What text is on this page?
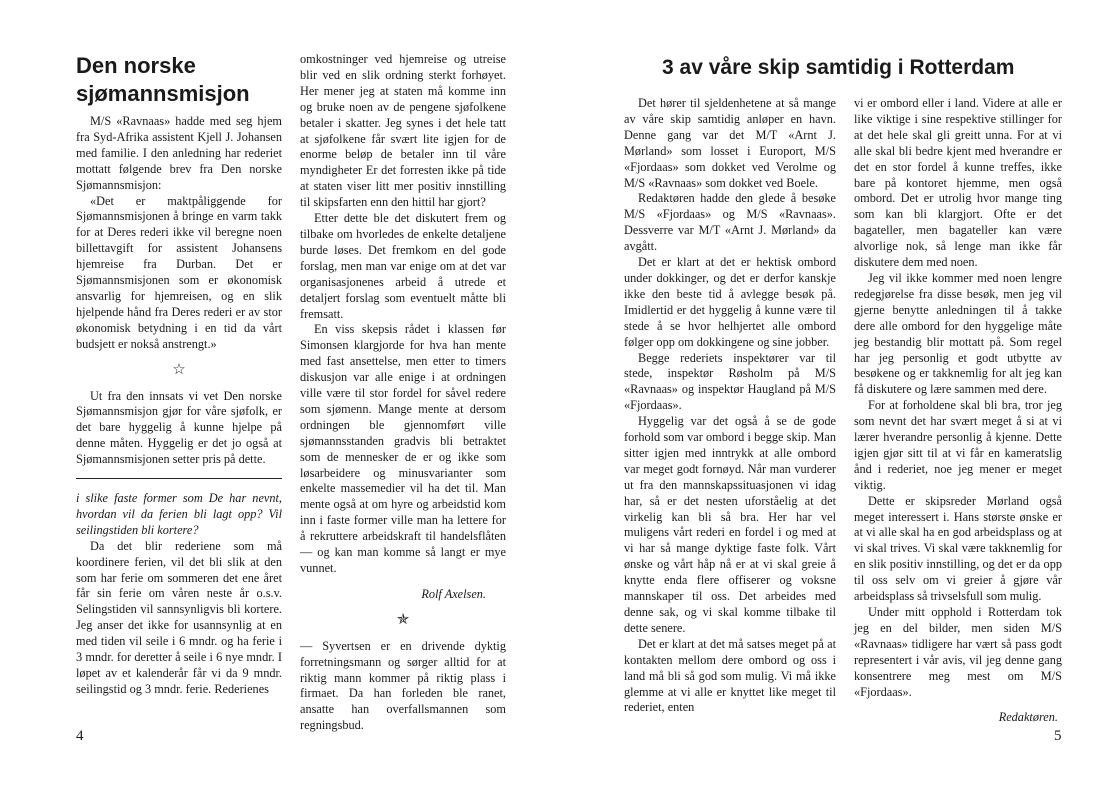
Den norske sjømannsmisjon

M/S «Ravnaas» hadde med seg hjem fra Syd-Afrika assistent Kjell J. Johansen med familie. I den anledning har rederiet mottatt følgende brev fra Den norske Sjømannsmisjon:

«Det er maktpåliggende for Sjømannsmisjonen å bringe en varm takk for at Deres rederi ikke vil beregne noen billettavgift for assistent Johansens hjemreise fra Durban. Det er Sjømannsmisjonen som er økonomisk ansvarlig for hjemreisen, og en slik hjelpende hånd fra Deres rederi er av stor økonomisk betydning i en tid da vårt budsjett er nokså anstrengt.»

☆

Ut fra den innsats vi vet Den norske Sjømannsmisjon gjør for våre sjøfolk, er det bare hyggelig å kunne hjelpe på denne måten. Hyggelig er det jo også at Sjømannsmisjonen setter pris på dette.

i slike faste former som De har nevnt, hvordan vil da ferien bli lagt opp? Vil seilingstiden bli kortere?

Da det blir rederiene som må koordinere ferien, vil det bli slik at den som har ferie om sommeren det ene året får sin ferie om våren neste år o.s.v. Selingstiden vil sannsynligvis bli kortere. Jeg anser det ikke for usannsynlig at en med tiden vil seile i 6 mndr. og ha ferie i 3 mndr. for deretter å seile i 6 nye mndr. I løpet av et kalenderår får vi da 9 mndr. seilingstid og 3 mndr. ferie. Rederienes

omkostninger ved hjemreise og utreise blir ved en slik ordning sterkt forhøyet. Her mener jeg at staten må komme inn og bruke noen av de pengene sjøfolkene betaler i skatter. Jeg synes i det hele tatt at sjøfolkene får svært lite igjen for de enorme beløp de betaler inn til våre myndigheter Er det forresten ikke på tide at staten viser litt mer positiv innstilling til skipsfarten enn den hittil har gjort?

Etter dette ble det diskutert frem og tilbake om hvorledes de enkelte detaljene burde løses. Det fremkom en del gode forslag, men man var enige om at det var organisasjonenes arbeid å utrede et detaljert forslag som eventuelt måtte bli fremsatt.

En viss skepsis rådet i klassen før Simonsen klargjorde for hva han mente med fast ansettelse, men etter to timers diskusjon var alle enige i at ordningen ville være til stor fordel for såvel redere som sjømenn. Mange mente at dersom ordningen ble gjennomført ville sjømannsstanden gradvis bli betraktet som de mennesker de er og ikke som løsarbeidere og minusvarianter som enkelte massemedier vil ha det til. Man mente også at om hyre og arbeidstid kom inn i faste former ville man ha lettere for å rekruttere arbeidskraft til handelsflåten — og kan man komme så langt er mye vunnet.

Rolf Axelsen.
✯

— Syvertsen er en drivende dyktig forretningsmann og sørger alltid for at riktig mann kommer på riktig plass i firmaet. Da han forleden ble ranet, ansatte han overfallsmannen som regningsbud.

4
3 av våre skip samtidig i Rotterdam

Det hører til sjeldenhetene at så mange av våre skip samtidig anløper en havn. Denne gang var det M/T «Arnt J. Mørland» som losset i Europort, M/S «Fjordaas» som dokket ved Verolme og M/S «Ravnaas» som dokket ved Boele.

Redaktøren hadde den glede å besøke M/S «Fjordaas» og M/S «Ravnaas». Dessverre var M/T «Arnt J. Mørland» da avgått.

Det er klart at det er hektisk ombord under dokkinger, og det er derfor kanskje ikke den beste tid å avlegge besøk på. Imidlertid er det hyggelig å kunne være til stede å se hvor helhjertet alle ombord følger opp om dokkingene og sine jobber.

Begge rederiets inspektører var til stede, inspektør Røsholm på M/S «Ravnaas» og inspektør Haugland på M/S «Fjordaas».

Hyggelig var det også å se de gode forhold som var ombord i begge skip. Man sitter igjen med inntrykk at alle ombord var meget godt fornøyd. Når man vurderer ut fra den mannskapssituasjonen vi idag har, så er det nesten uforståelig at det virkelig kan bli så bra. Her har vel muligens vårt rederi en fordel i og med at vi har så mange dyktige faste folk. Vårt ønske og vårt håp nå er at vi skal greie å knytte enda flere offiserer og voksne mannskaper til oss. Det arbeides med denne sak, og vi skal komme tilbake til dette senere.

Det er klart at det må satses meget på at kontakten mellom dere ombord og oss i land må bli så god som mulig. Vi må ikke glemme at vi alle er knyttet like meget til rederiet, enten

vi er ombord eller i land. Videre at alle er like viktige i sine respektive stillinger for at det hele skal gli greitt unna. For at vi alle skal bli bedre kjent med hverandre er det en stor fordel å kunne treffes, ikke bare på kontoret hjemme, men også ombord. Det er utrolig hvor mange ting som kan bli klargjort. Ofte er det bagateller, men bagateller kan være alvorlige nok, så lenge man ikke får diskutere dem med noen.

Jeg vil ikke kommer med noen lengre redegjørelse fra disse besøk, men jeg vil gjerne benytte anledningen til å takke dere alle ombord for den hyggelige måte jeg bestandig blir mottatt på. Som regel har jeg personlig et godt utbytte av besøkene og er takknemlig for alt jeg kan få diskutere og lære sammen med dere.

For at forholdene skal bli bra, tror jeg som nevnt det har svært meget å si at vi lærer hverandre personlig å kjenne. Dette igjen gjør sitt til at vi får en kameratslig ånd i rederiet, noe jeg mener er meget viktig.

Dette er skipsreder Mørland også meget interessert i. Hans største ønske er at vi alle skal ha en god arbeidsplass og at vi skal trives. Vi skal være takknemlig for en slik positiv innstilling, og det er da opp til oss selv om vi greier å gjøre vår arbeidsplass så trivselsfull som mulig.

Under mitt opphold i Rotterdam tok jeg en del bilder, men siden M/S «Ravnaas» tidligere har vært så pass godt representert i vår avis, vil jeg denne gang konsentrere meg mest om M/S «Fjordaas».

Redaktøren.
5
